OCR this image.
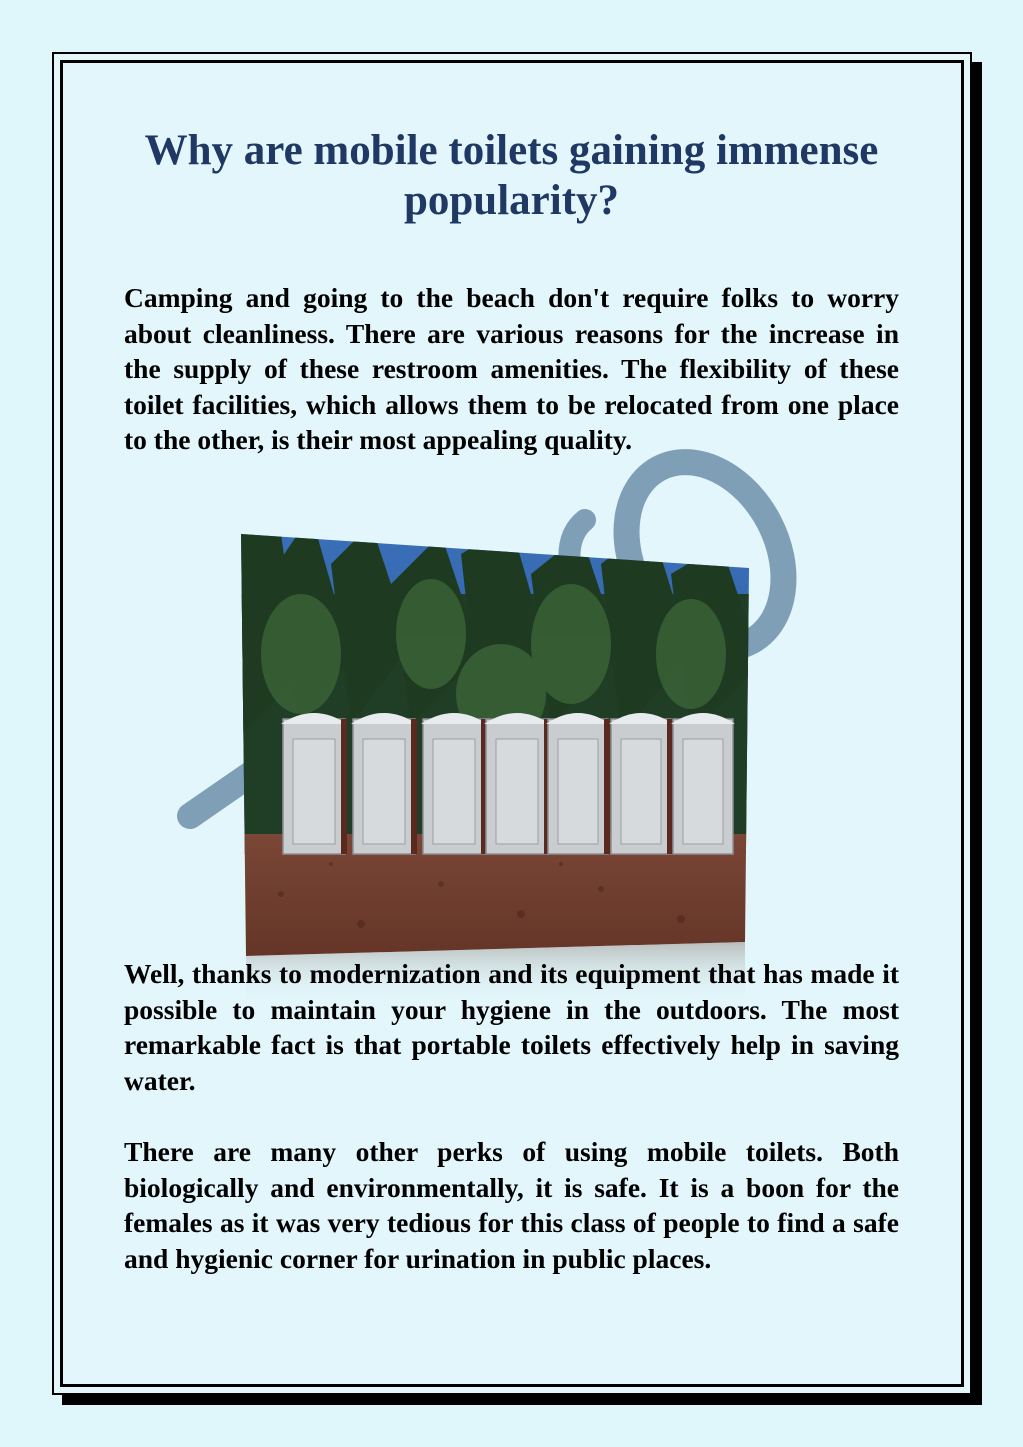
Why are mobile toilets gaining immense popularity?

Camping and going to the beach don't require folks to worry about cleanliness. There are various reasons for the increase in the supply of these restroom amenities. The flexibility of these toilet facilities, which allows them to be relocated from one place to the other, is their most appealing quality.

Well, thanks to modernization and its equipment that has made it possible to maintain your hygiene in the outdoors. The most remarkable fact is that portable toilets effectively help in saving water.

There are many other perks of using mobile toilets. Both biologically and environmentally, it is safe. It is a boon for the females as it was very tedious for this class of people to find a safe and hygienic corner for urination in public places.
